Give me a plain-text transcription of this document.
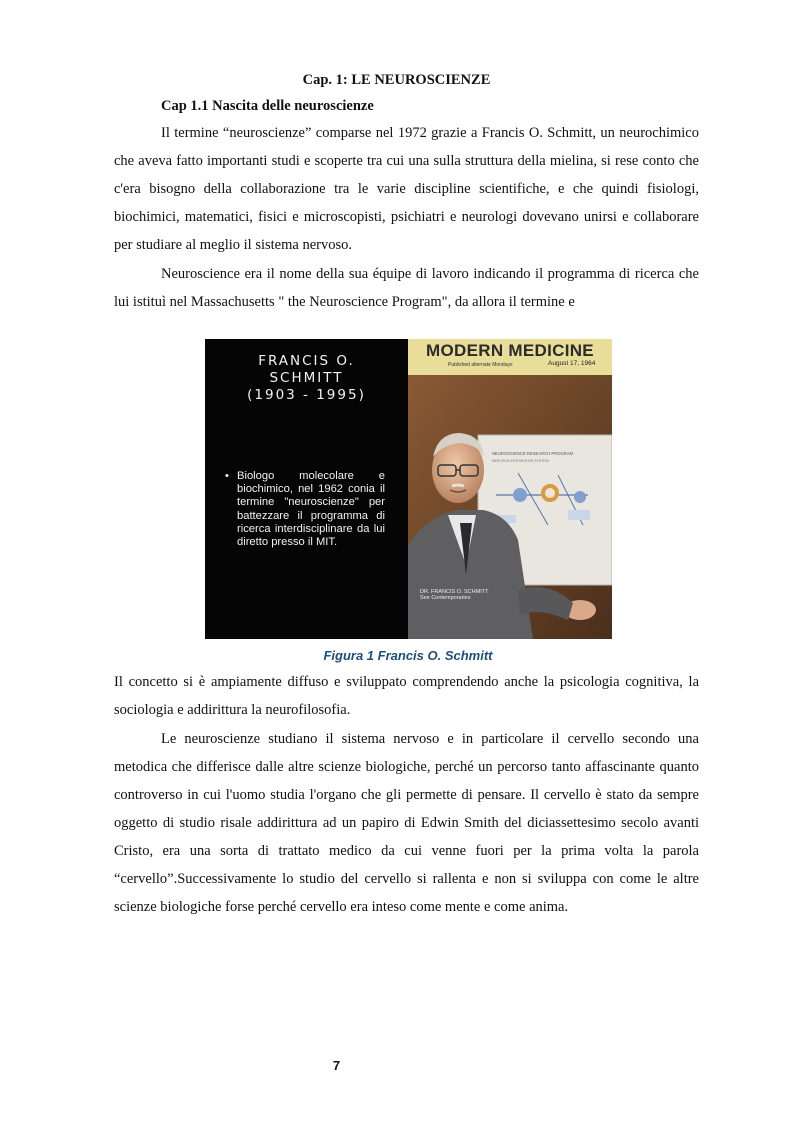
Cap. 1: LE NEUROSCIENZE

Cap 1.1 Nascita delle neuroscienze

Il termine “neuroscienze” comparse nel 1972 grazie a Francis O. Schmitt, un neurochimico che aveva fatto importanti studi e scoperte tra cui una sulla struttura della mielina, si rese conto che c'era bisogno della collaborazione tra le varie discipline scientifiche, e che quindi fisiologi, biochimici, matematici, fisici e microscopisti, psichiatri e neurologi dovevano unirsi e collaborare per studiare al meglio il sistema nervoso.

Neuroscience era il nome della sua équipe di lavoro indicando il programma di ricerca che lui istituì nel Massachusetts " the Neuroscience Program", da allora il termine e

FRANCIS O.
SCHMITT
(1903 - 1995)
• Biologo molecolare e biochimico, nel 1962 conia il termine "neuroscienze" per battezzare il programma di ricerca interdisciplinare da lui diretto presso il MIT.
MODERN MEDICINE
Published alternate Mondays	August 17, 1964
NEUROSCIENCE RESEARCH PROGRAM
NERVOUS INTEGRATIVE SYSTEM
DR. FRANCIS O. SCHMITT
See Contemporaries

Figura 1 Francis O. Schmitt

Il concetto si è ampiamente diffuso e sviluppato comprendendo anche la psicologia cognitiva, la sociologia e addirittura la neurofilosofia.

Le neuroscienze studiano il sistema nervoso e in particolare il cervello secondo una metodica che differisce dalle altre scienze biologiche, perché un percorso tanto affascinante quanto controverso in cui l'uomo studia l'organo che gli permette di pensare. Il cervello è stato da sempre oggetto di studio risale addirittura ad un papiro di Edwin Smith del diciassettesimo secolo avanti Cristo, era una sorta di trattato medico da cui venne fuori per la prima volta la parola “cervello”.Successivamente lo studio del cervello si rallenta e non si sviluppa con come le altre scienze biologiche forse perché cervello era inteso come mente e come anima.

7
